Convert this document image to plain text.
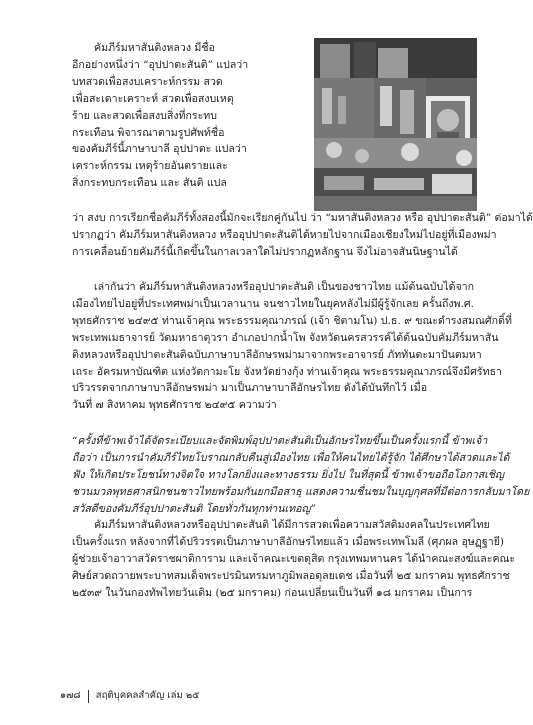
คัมภีร์มหาสันติงหลวง มีชื่อ
อีกอย่างหนึ่งว่า “อุปปาตะสันติ” แปลว่า
บทสวดเพื่อสงบเคราะห์กรรม สวด
เพื่อสะเดาะเคราะห์ สวดเพื่อสงบเหตุ
ร้าย และสวดเพื่อสงบสิ่งที่กระทบ
กระเทือน พิจารณาตามรูปศัพท์ชื่อ
ของคัมภีร์นี้ภาษาบาลี อุปปาตะ แปลว่า
เคราะห์กรรม เหตุร้ายอันตรายและ
สิ่งกระทบกระเทือน และ สันติ แปล
ว่า สงบ การเรียกชื่อคัมภีร์ทั้งสองนี้มักจะเรียกคู่กันไป ว่า “มหาสันติงหลวง หรือ อุปปาตะสันติ” ต่อมาได้
ปรากฏว่า คัมภีร์มหาสันติงหลวง หรืออุปปาตะสันติได้หายไปจากเมืองเชียงใหม่ไปอยู่ที่เมืองพม่า
การเคลื่อนย้ายคัมภีร์นี้เกิดขึ้นในกาลเวลาใดไม่ปรากฏหลักฐาน จึงไม่อาจสันนิษฐานได้
เล่ากันว่า คัมภีร์มหาสันติงหลวงหรืออุปปาตะสันติ เป็นของชาวไทย แม้ต้นฉบับได้จาก
เมืองไทยไปอยู่ที่ประเทศพม่าเป็นเวลานาน จนชาวไทยในยุคหลังไม่มีผู้รู้จักเลย ครั้นถึงพ.ศ.
พุทธศักราช ๒๔๙๕ ท่านเจ้าคุณ พระธรรมคุณาภรณ์ (เจ้า ชิตามโน) ป.ธ. ๙ ขณะดำรงสมณศักดิ์ที่
พระเทพเมธาจารย์ วัดมหาธาตุวรา อำเภอปากน้ำโพ จังหวัดนครสวรรค์ได้ต้นฉบับคัมภีร์มหาสัน
ติงหลวงหรืออุปปาตะสันติฉบับภาษาบาลีอักษรพม่ามาจากพระอาจารย์ ภัททันตะมาปันตมหา
เถระ อัครมหาบัณฑิต แห่งวัดกามะโย จังหวัดย่างกุ้ง ท่านเจ้าคุณ พระธรรมคุณาภรณ์จึงมีศรัทธา
ปริวรรตจากภาษาบาลีอักษรพม่า มาเป็นภาษาบาลีอักษรไทย ดังได้บันทึกไว้ เมื่อ
วันที่ ๗ สิงหาคม พุทธศักราช ๒๔๙๕ ความว่า
“ครั้งที่ข้าพเจ้าได้จัดระเบียบและจัดพิมพ์อุปปาตะสันติเป็นอักษรไทยขึ้นเป็นครั้งแรกนี้ ข้าพเจ้า
ถือว่า เป็นการนำคัมภีร์ไทยโบราณกลับคืนสู่เมืองไทย เพื่อให้คนไทยได้รู้จัก ได้ศึกษาได้สวดและได้
ฟัง ให้เกิดประโยชน์ทางจิตใจ ทางโลกยิ่งและทางธรรม ยิ่งไป ในที่สุดนี้ ข้าพเจ้าขอถือโอกาสเชิญ
ชวนมวลพุทธศาสนิกชนชาวไทยพร้อมกันยกมือสาธุ แสดงความชื่นชมในบุญกุศลที่มีต่อการกลับมาโดย
สวัสดีของคัมภีร์อุปปาตะสันติ โดยทั่วกันทุกท่านเทอญ”
คัมภีร์มหาสันติงหลวงหรืออุปปาตะสันติ ได้มีการสวดเพื่อความสวัสดิมงคลในประเทศไทย
เป็นครั้งแรก หลังจากที่ได้ปริวรรตเป็นภาษาบาลีอักษรไทยแล้ว เมื่อพระเทพโมลี (ศุภผล อุษฏฺฐายี)
ผู้ช่วยเจ้าอาวาสวัดราชผาติการาม และเจ้าคณะเขตดุสิต กรุงเทพมหานคร ได้นำคณะสงฆ์และคณะ
ศิษย์สวดถวายพระบาทสมเด็จพระปรมินทรมหาภูมิพลอดุลยเดช เมื่อวันที่ ๒๕ มกราคม พุทธศักราช
๒๕๓๙ ในวันกองทัพไทยวันเดิม (๒๕ มกราคม) ก่อนเปลี่ยนเป็นวันที่ ๑๘ มกราคม เป็นการ
๑๗๘ สฤติบุคคลสำคัญ เล่ม ๒๕
